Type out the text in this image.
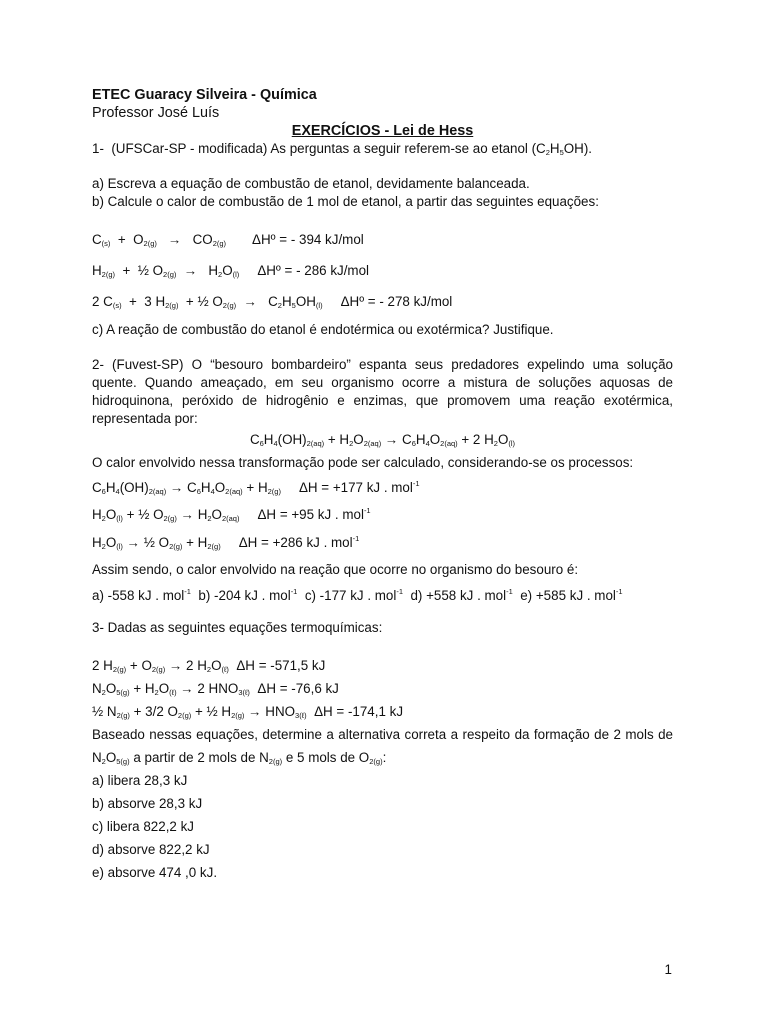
ETEC Guaracy Silveira - Química
Professor José Luís
EXERCÍCIOS - Lei de Hess
1-  (UFSCar-SP - modificada) As perguntas a seguir referem-se ao etanol $(C_2H_5OH)$.
a) Escreva a equação de combustão de etanol, devidamente balanceada.
b) Calcule o calor de combustão de 1 mol de etanol, a partir das seguintes equações:
$C_{(s)} + O_{2(g)} \to CO_{2(g)}$ ΔHº = - 394 kJ/mol
$H_{2(g)}$  +  ½ $O_{2(g)} \to H_2O_{(l)}$ ΔHº = - 286 kJ/mol
2 $C_{(s)} + 3$ $H_{2(g)}$  + ½ $O_{2(g)} \to C_2H_5OH_{(l)}$ ΔHº = - 278 kJ/mol
c) A reação de combustão do etanol é endotérmica ou exotérmica? Justifique.
2- (Fuvest-SP) O “besouro bombardeiro” espanta seus predadores expelindo uma solução quente. Quando ameaçado, em seu organismo ocorre a mistura de soluções aquosas de hidroquinona, peróxido de hidrogênio e enzimas, que promovem uma reação exotérmica, representada por:
$C_6H_4(OH)_{2(aq)} + H_2O_{2(aq)} \to C_6H_4O_{2(aq)} + 2$ $H_2O_{(l)}$
O calor envolvido nessa transformação pode ser calculado, considerando-se os processos:
$C_6H_4(OH)_{2(aq)} \to C_6H_4O_{2(aq)} + H_{2(g)}$ ΔH = +177 kJ . mol$^{-1}$
$H_2O_{(l)}$ + ½ $O_{2(g)} \to H_2O_{2(aq)}$ ΔH = +95 kJ . mol$^{-1}$
$H_2O_{(l)}$ → ½ $O_{2(g)} + H_{2(g)}$ ΔH = +286 kJ . mol$^{-1}$
Assim sendo, o calor envolvido na reação que ocorre no organismo do besouro é:
a) -558 kJ . mol$^{-1}$ b) -204 kJ . mol$^{-1}$ c) -177 kJ . mol$^{-1}$ d) +558 kJ . mol$^{-1}$ e) +585 kJ . mol$^{-1}$
3- Dadas as seguintes equações termoquímicas:
2 $H_{2(g)} + O_{2(g)} \to 2$ $H_2O_{(\ell)}$ ΔH = -571,5 kJ
$N_2O_{5(g)} + H_2O_{(\ell)} \to 2$ $HNO_{3(\ell)}$ ΔH = -76,6 kJ
½ $N_{2(g)} + 3/2$ $O_{2(g)}$ + ½ $H_{2(g)} \to HNO_{3(\ell)}$ ΔH = -174,1 kJ
Baseado nessas equações, determine a alternativa correta a respeito da formação de 2 mols de $N_2O_{5(g)}$ a partir de 2 mols de $N_{2(g)}$ e 5 mols de $O_{2(g)}$:
a) libera 28,3 kJ
b) absorve 28,3 kJ
c) libera 822,2 kJ
d) absorve 822,2 kJ
e) absorve 474 ,0 kJ.
1
